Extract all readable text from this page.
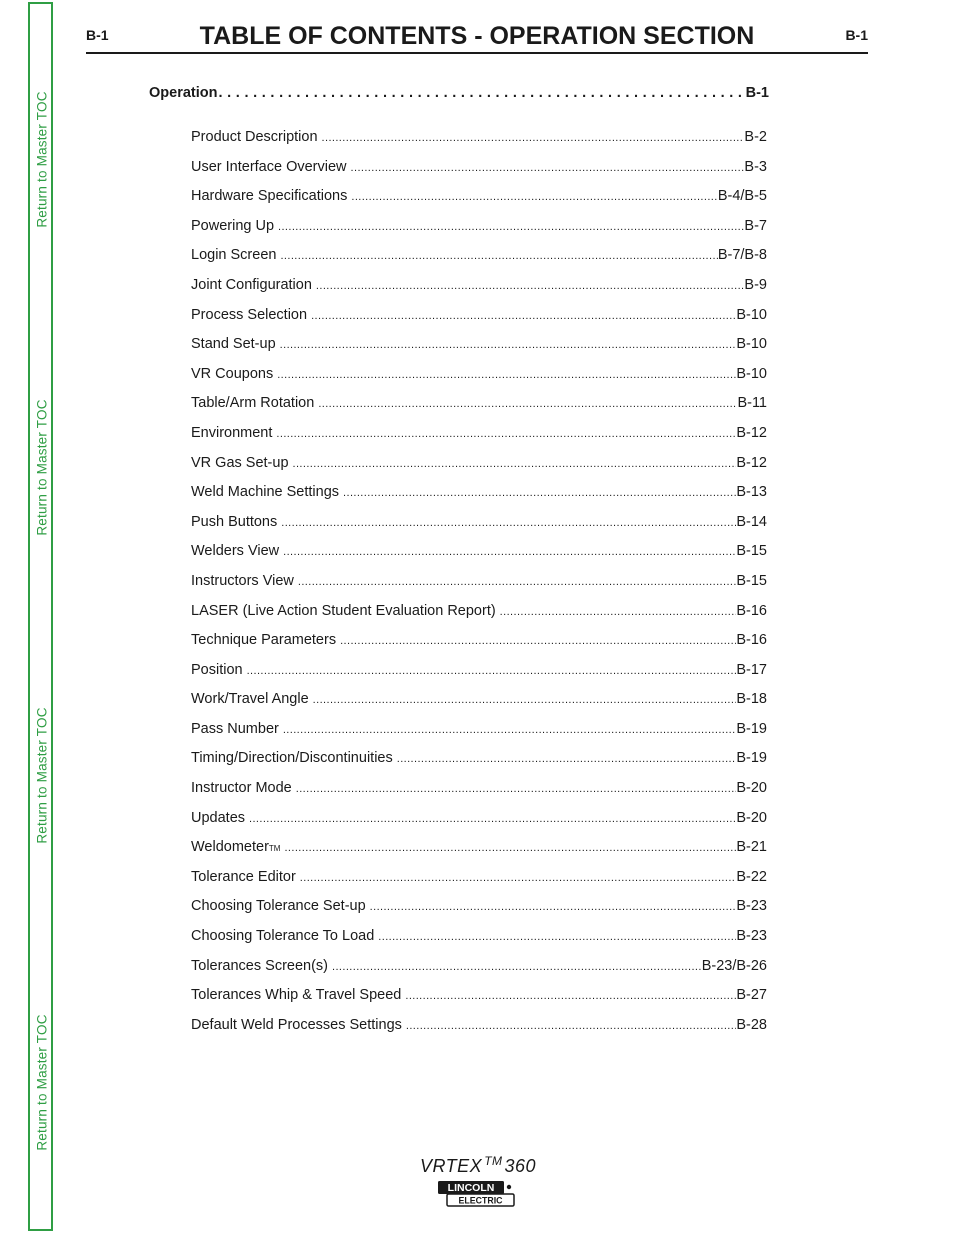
Return to Master TOC
Return to Master TOC
Return to Master TOC
Return to Master TOC
B-1	TABLE OF CONTENTS - OPERATION SECTION	B-1
Operation . . .	B-1
Product Description .....	B-2
User Interface Overview .....	B-3
Hardware Specifications .....	B-4/B-5
Powering Up .....	B-7
Login Screen .....	B-7/B-8
Joint Configuration .....	B-9
Process Selection .....	B-10
Stand Set-up .....	B-10
VR Coupons .....	B-10
Table/Arm Rotation .....	B-11
Environment .....	B-12
VR Gas Set-up .....	B-12
Weld Machine Settings .....	B-13
Push Buttons .....	B-14
Welders View .....	B-15
Instructors View .....	B-15
LASER (Live Action Student Evaluation Report) .....	B-16
Technique Parameters .....	B-16
Position .....	B-17
Work/Travel Angle .....	B-18
Pass Number .....	B-19
Timing/Direction/Discontinuities .....	B-19
Instructor Mode .....	B-20
Updates .....	B-20
Weldometer TM .....	B-21
Tolerance Editor .....	B-22
Choosing Tolerance Set-up .....	B-23
Choosing Tolerance To Load .....	B-23
Tolerances Screen(s) .....	B-23/B-26
Tolerances Whip & Travel Speed .....	B-27
Default Weld Processes Settings .....	B-28
VRTEX ™ 360
LINCOLN
ELECTRIC
